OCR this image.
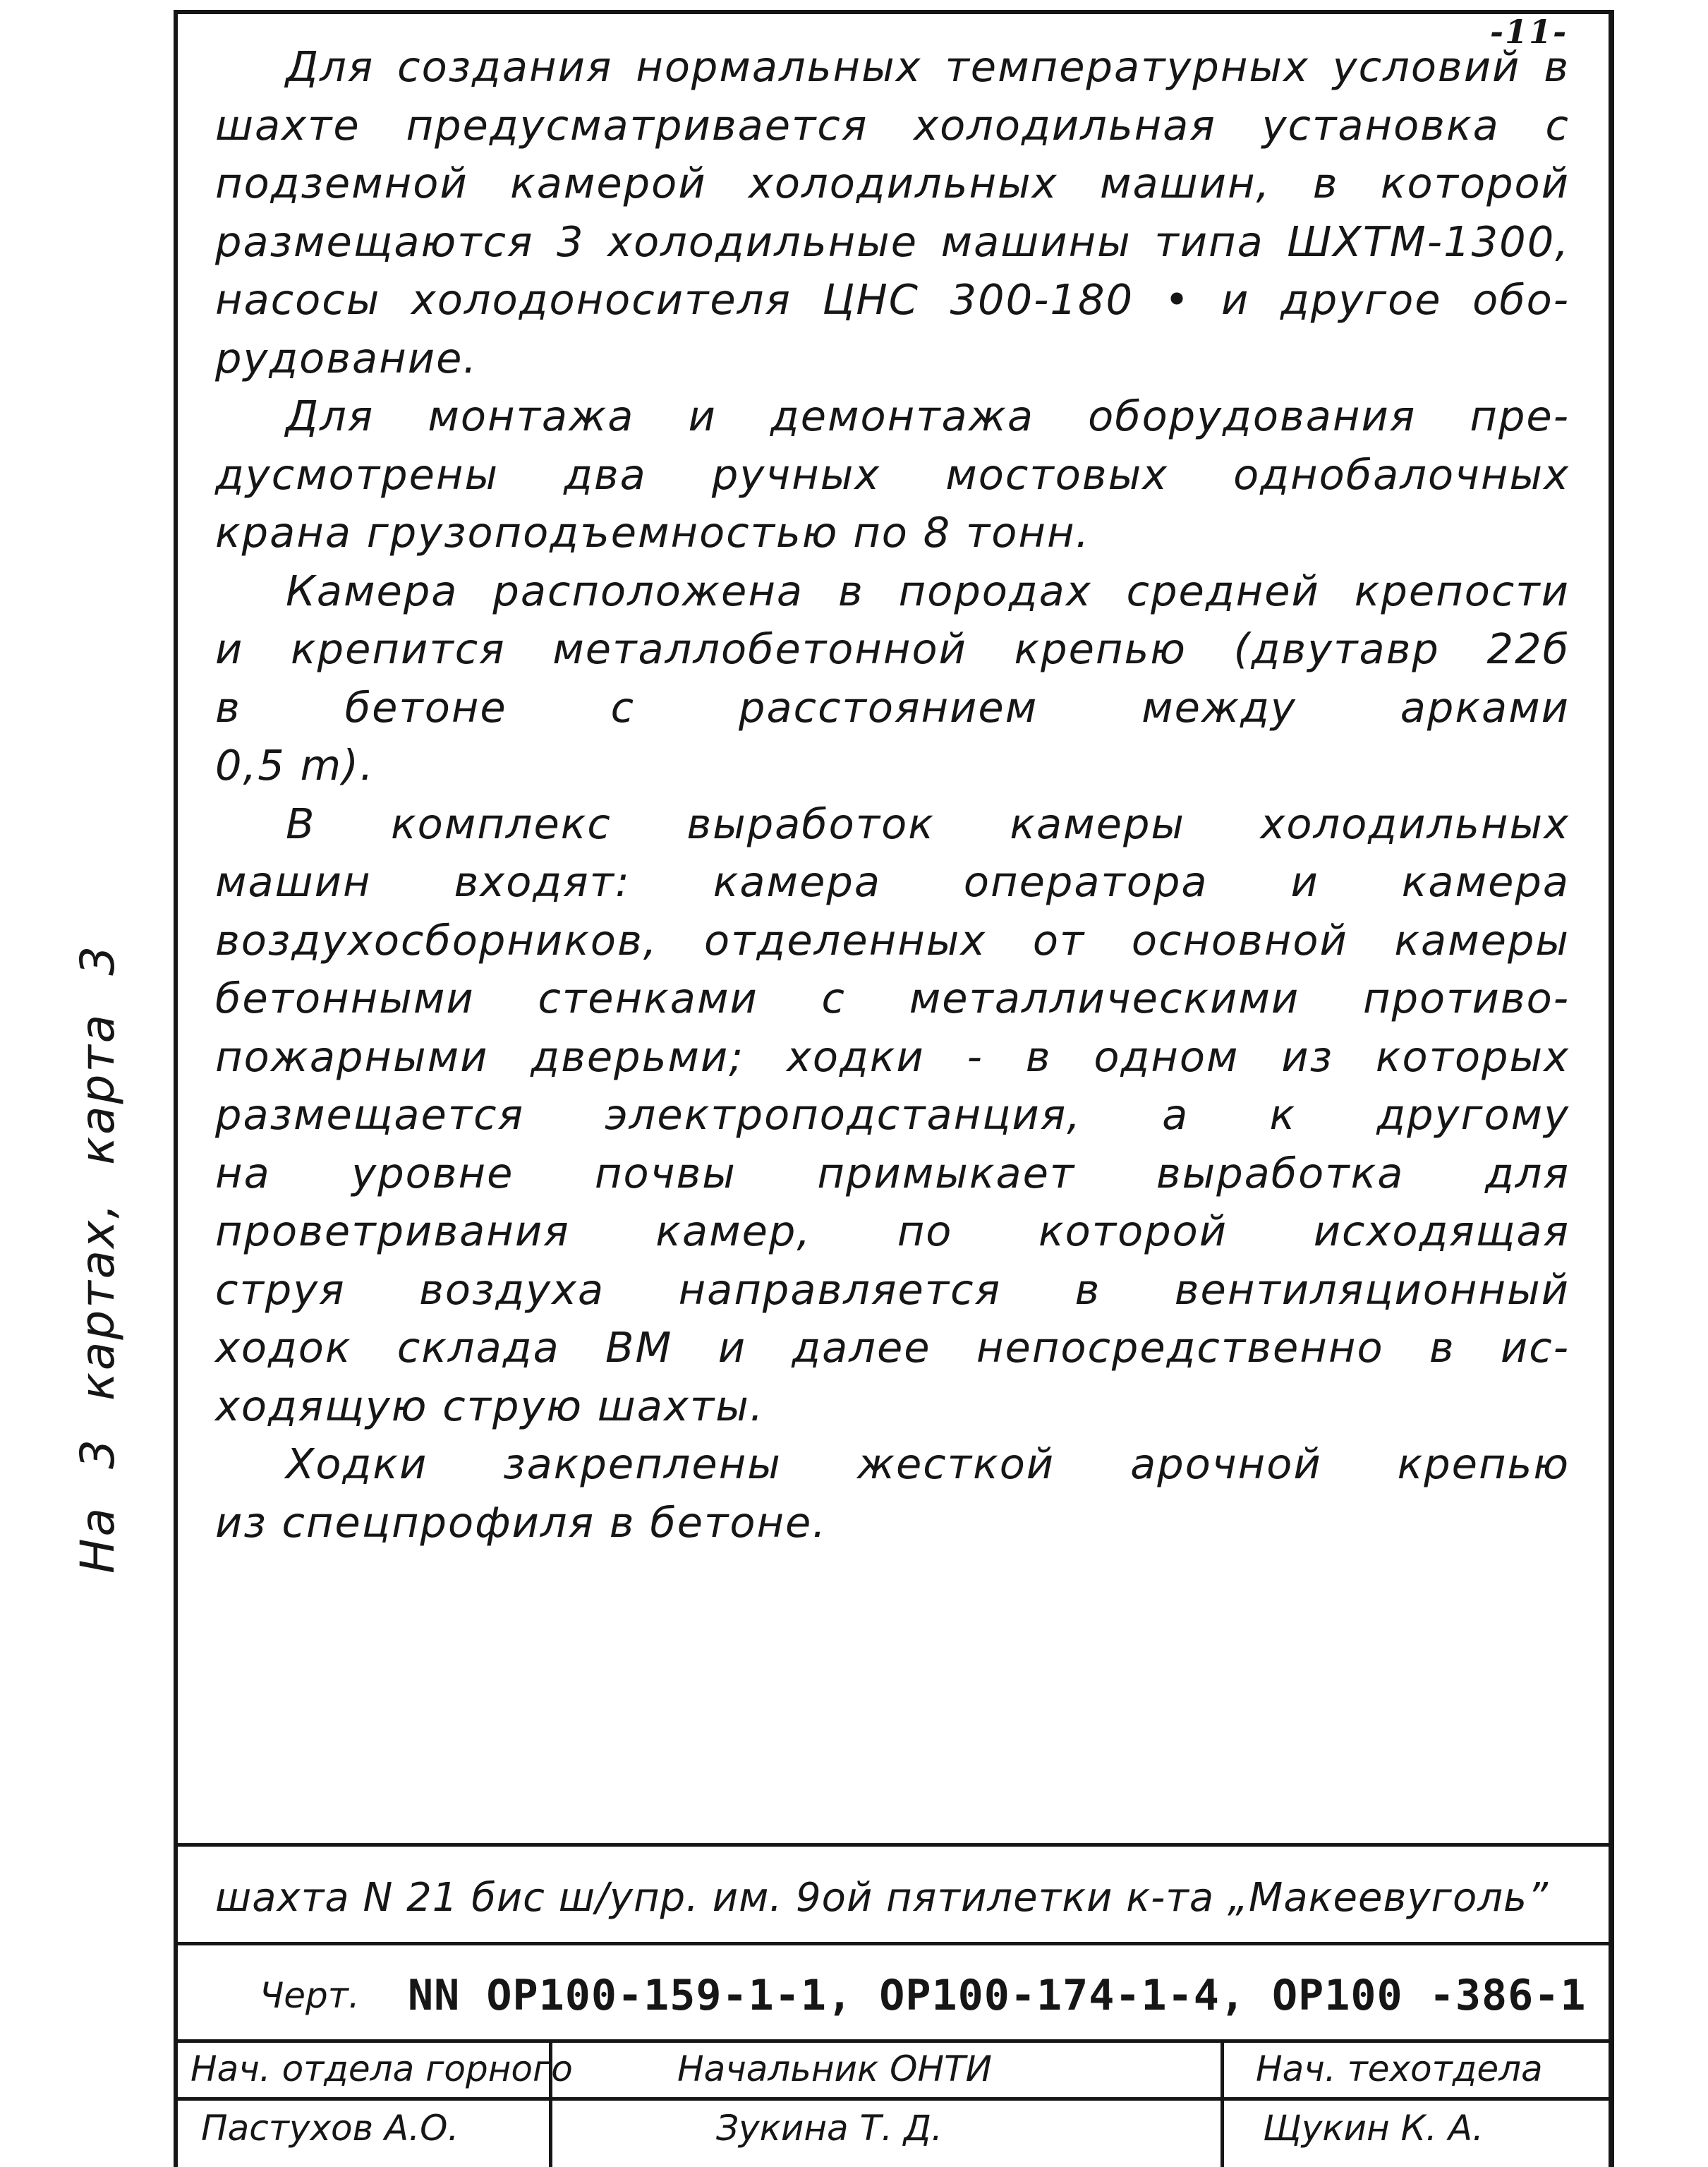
-11-
На 3 картах, карта 3
Для создания нормальных температурных условий в
шахте предусматривается холодильная установка с
подземной камерой холодильных машин, в которой
размещаются 3 холодильные машины типа ШХТМ-1300,
насосы холодоносителя ЦНС 300-180 • и другое обо-
рудование.
Для монтажа и демонтажа оборудования пре-
дусмотрены два ручных мостовых однобалочных
крана грузоподъемностью по 8 тонн.
Камера расположена в породах средней крепости
и крепится металлобетонной крепью (двутавр 22б
в бетоне с расстоянием между арками
0,5 m).
В комплекс выработок камеры холодильных
машин входят: камера оператора и камера
воздухосборников, отделенных от основной камеры
бетонными стенками с металлическими противо-
пожарными дверьми; ходки - в одном из которых
размещается электроподстанция, а к другому
на уровне почвы примыкает выработка для
проветривания камер, по которой исходящая
струя воздуха направляется в вентиляционный
ходок склада ВМ и далее непосредственно в ис-
ходящую струю шахты.
Ходки закреплены жесткой арочной крепью
из спецпрофиля в бетоне.
шахта N 21 бис ш/упр. им. 9ой пятилетки к-та „Макеевуголь”
Черт. NN ОР100-159-1-1, ОР100-174-1-4, ОР100 -386-1
Нач. отдела горного	Начальник ОНТИ	Нач. техотдела
Пастухов А.О.	Зукина Т. Д.	Щукин К. А.
